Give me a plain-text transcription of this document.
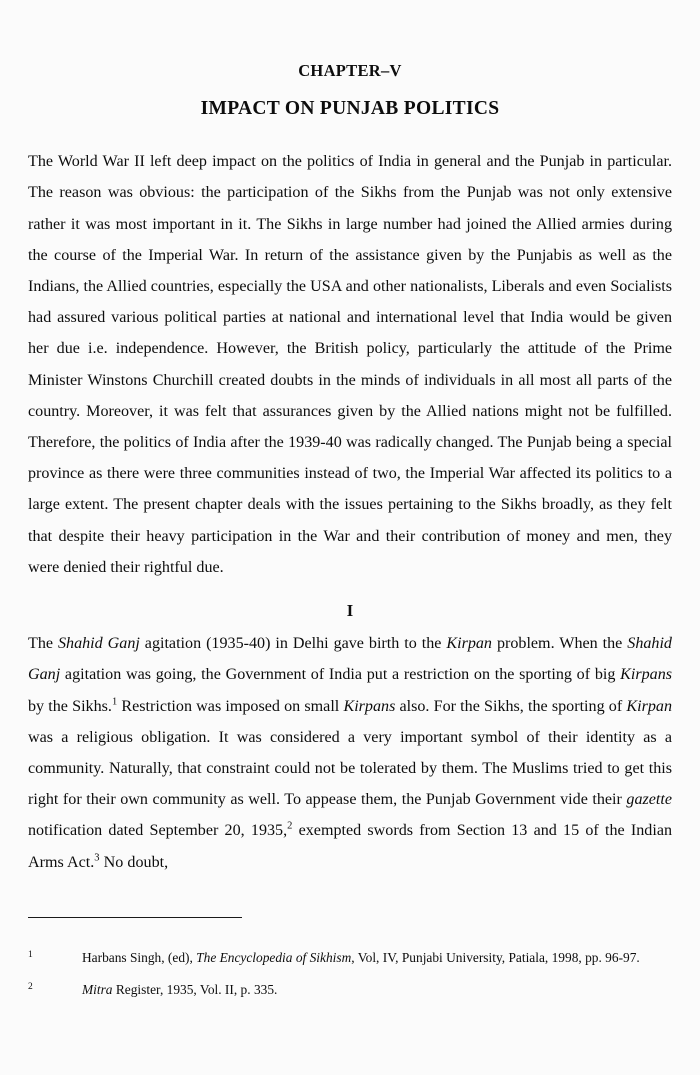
CHAPTER–V
IMPACT ON PUNJAB POLITICS

The World War II left deep impact on the politics of India in general and the Punjab in particular. The reason was obvious: the participation of the Sikhs from the Punjab was not only extensive rather it was most important in it. The Sikhs in large number had joined the Allied armies during the course of the Imperial War. In return of the assistance given by the Punjabis as well as the Indians, the Allied countries, especially the USA and other nationalists, Liberals and even Socialists had assured various political parties at national and international level that India would be given her due i.e. independence. However, the British policy, particularly the attitude of the Prime Minister Winstons Churchill created doubts in the minds of individuals in all most all parts of the country. Moreover, it was felt that assurances given by the Allied nations might not be fulfilled. Therefore, the politics of India after the 1939-40 was radically changed. The Punjab being a special province as there were three communities instead of two, the Imperial War affected its politics to a large extent. The present chapter deals with the issues pertaining to the Sikhs broadly, as they felt that despite their heavy participation in the War and their contribution of money and men, they were denied their rightful due.

I

The Shahid Ganj agitation (1935-40) in Delhi gave birth to the Kirpan problem. When the Shahid Ganj agitation was going, the Government of India put a restriction on the sporting of big Kirpans by the Sikhs.$^1$ Restriction was imposed on small Kirpans also. For the Sikhs, the sporting of Kirpan was a religious obligation. It was considered a very important symbol of their identity as a community. Naturally, that constraint could not be tolerated by them. The Muslims tried to get this right for their own community as well. To appease them, the Punjab Government vide their gazette notification dated September 20, 1935,$^2$ exempted swords from Section 13 and 15 of the Indian Arms Act.$^3$ No doubt,

1	Harbans Singh, (ed), The Encyclopedia of Sikhism, Vol, IV, Punjabi University, Patiala, 1998, pp. 96-97.

2	Mitra Register, 1935, Vol. II, p. 335.
